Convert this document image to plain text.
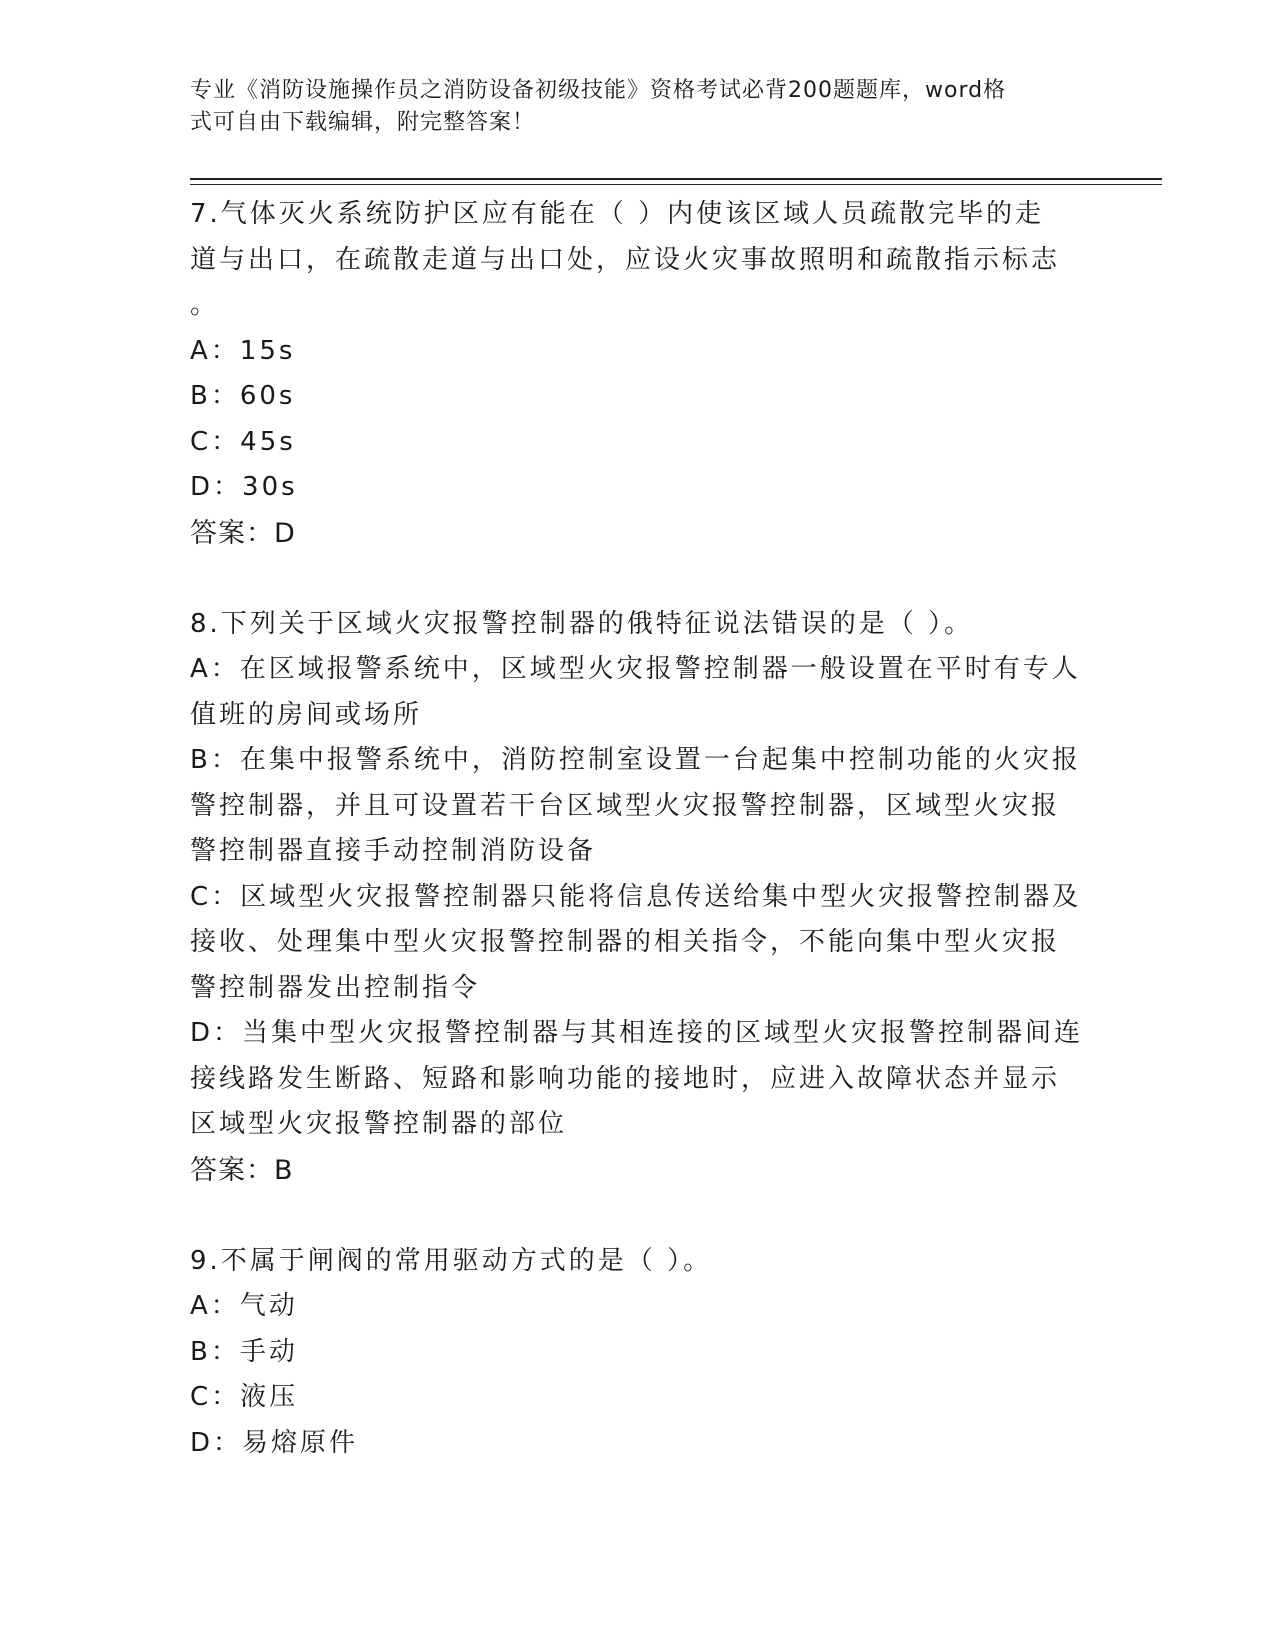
专业《消防设施操作员之消防设备初级技能》资格考试必背200题题库，word格
式可自由下载编辑，附完整答案！
7.气体灭火系统防护区应有能在（ ）内使该区域人员疏散完毕的走
道与出口，在疏散走道与出口处，应设火灾事故照明和疏散指示标志
。
A：15s
B：60s
C：45s
D：30s
答案：D
8.下列关于区域火灾报警控制器的俄特征说法错误的是（ ）。
A：在区域报警系统中，区域型火灾报警控制器一般设置在平时有专人
值班的房间或场所
B：在集中报警系统中，消防控制室设置一台起集中控制功能的火灾报
警控制器，并且可设置若干台区域型火灾报警控制器，区域型火灾报
警控制器直接手动控制消防设备
C：区域型火灾报警控制器只能将信息传送给集中型火灾报警控制器及
接收、处理集中型火灾报警控制器的相关指令，不能向集中型火灾报
警控制器发出控制指令
D：当集中型火灾报警控制器与其相连接的区域型火灾报警控制器间连
接线路发生断路、短路和影响功能的接地时，应进入故障状态并显示
区域型火灾报警控制器的部位
答案：B
9.不属于闸阀的常用驱动方式的是（ ）。
A：气动
B：手动
C：液压
D：易熔原件
